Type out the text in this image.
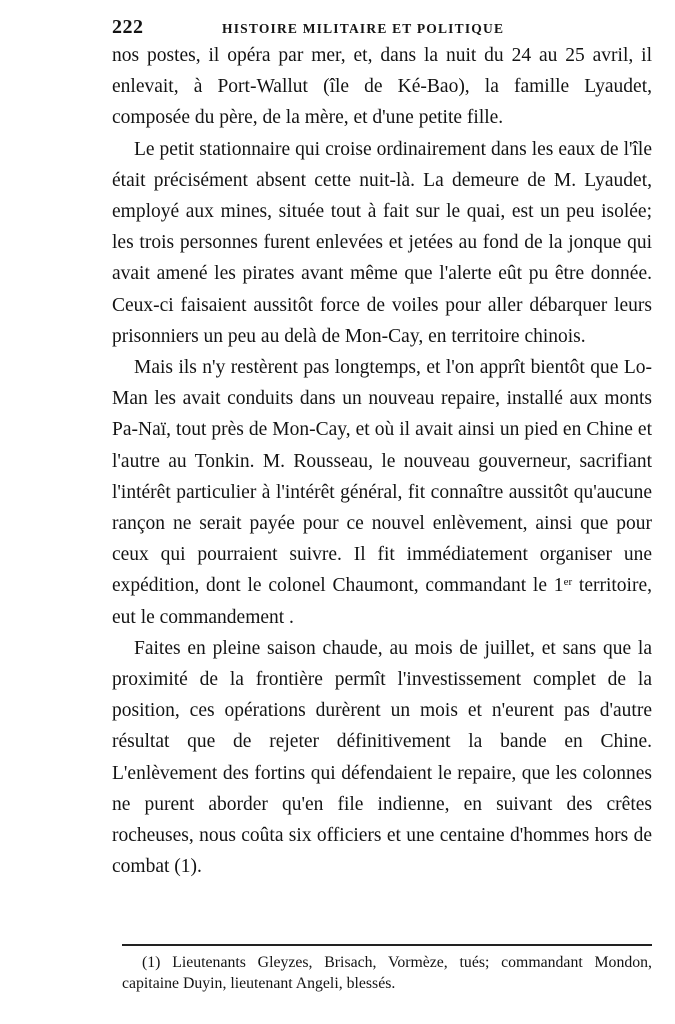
222	HISTOIRE MILITAIRE ET POLITIQUE

nos postes, il opéra par mer, et, dans la nuit du 24 au 25 avril, il enlevait, à Port-Wallut (île de Ké-Bao), la famille Lyaudet, composée du père, de la mère, et d'une petite fille.

Le petit stationnaire qui croise ordinairement dans les eaux de l'île était précisément absent cette nuit-là. La demeure de M. Lyaudet, employé aux mines, située tout à fait sur le quai, est un peu isolée; les trois personnes furent enlevées et jetées au fond de la jonque qui avait amené les pirates avant même que l'alerte eût pu être donnée. Ceux-ci faisaient aussitôt force de voiles pour aller débarquer leurs prisonniers un peu au delà de Mon-Cay, en territoire chinois.

Mais ils n'y restèrent pas longtemps, et l'on apprît bientôt que Lo-Man les avait conduits dans un nouveau repaire, installé aux monts Pa-Naï, tout près de Mon-Cay, et où il avait ainsi un pied en Chine et l'autre au Tonkin. M. Rousseau, le nouveau gouverneur, sacrifiant l'intérêt particulier à l'intérêt général, fit connaître aussitôt qu'aucune rançon ne serait payée pour ce nouvel enlèvement, ainsi que pour ceux qui pourraient suivre. Il fit immédiatement organiser une expédition, dont le colonel Chaumont, commandant le 1er territoire, eut le commandement .

Faites en pleine saison chaude, au mois de juillet, et sans que la proximité de la frontière permît l'investissement complet de la position, ces opérations durèrent un mois et n'eurent pas d'autre résultat que de rejeter définitivement la bande en Chine. L'enlèvement des fortins qui défendaient le repaire, que les colonnes ne purent aborder qu'en file indienne, en suivant des crêtes rocheuses, nous coûta six officiers et une centaine d'hommes hors de combat (1).

(1) Lieutenants Gleyzes, Brisach, Vormèze, tués; commandant Mondon, capitaine Duyin, lieutenant Angeli, blessés.
